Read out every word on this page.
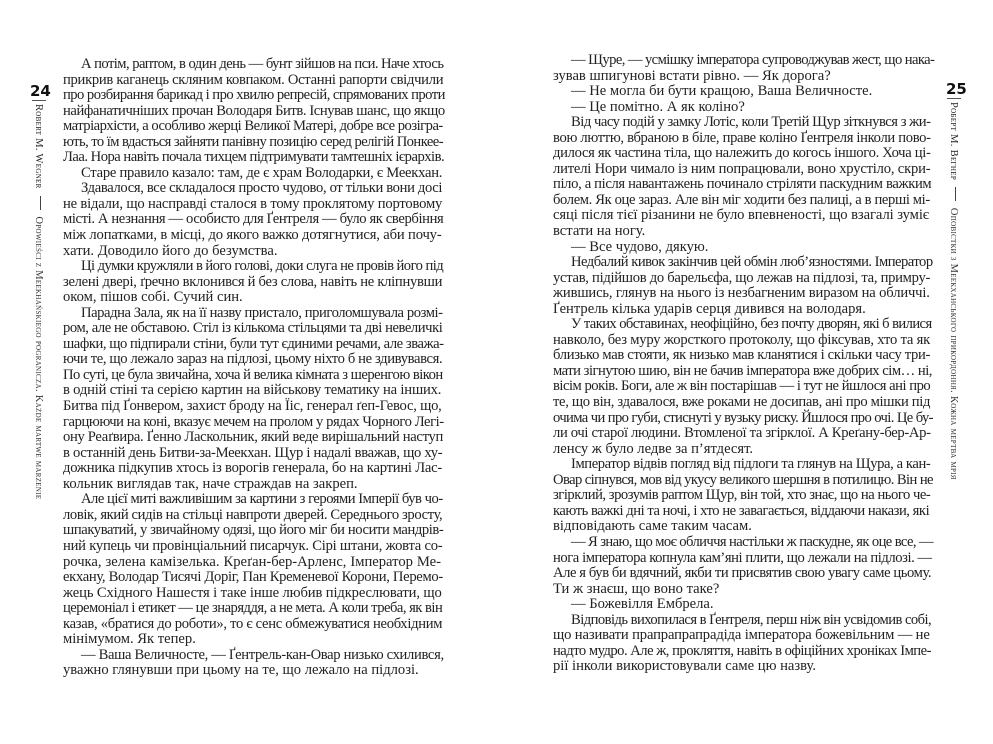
24
Robert M. Wegner  Opowieści z Meekhańskiego pogranicza. Każde martwe marzenie
А потім, раптом, в один день — бунт зійшов на пси. Наче хтось
прикрив каганець скляним ковпаком. Останні рапорти свідчили
про розбирання барикад і про хвилю репресій, спрямованих проти
найфанатичніших прочан Володаря Битв. Існував шанс, що якщо
матріархісти, а особливо жерці Великої Матері, добре все розігра-
ють, то їм вдасться зайняти панівну позицію серед релігій Понкее-
Лаа. Нора навіть почала тихцем підтримувати тамтешніх ієрархів.
Старе правило казало: там, де є храм Володарки, є Меекхан.
Здавалося, все складалося просто чудово, от тільки вони досі
не відали, що насправді сталося в тому проклятому портовому
місті. А незнання — особисто для Ґентреля — було як свербіння
між лопатками, в місці, до якого важко дотягнутися, аби почу-
хати. Доводило його до безумства.
Ці думки кружляли в його голові, доки слуга не провів його під
зелені двері, ґречно вклонився й без слова, навіть не кліпнувши
оком, пішов собі. Сучий син.
Парадна Зала, як на її назву пристало, приголомшувала розмі-
ром, але не обставою. Стіл із кількома стільцями та дві невеличкі
шафки, що підпирали стіни, були тут єдиними речами, але зважа-
ючи те, що лежало зараз на підлозі, цьому ніхто б не здивувався.
По суті, це була звичайна, хоча й велика кімната з шеренгою вікон
в одній стіні та серією картин на військову тематику на інших.
Битва під Ґонвером, захист броду на Їіс, генерал ґеп-Гевос, що,
гарцюючи на коні, вказує мечем на пролом у рядах Чорного Легі-
ону Реаґвира. Ґенно Ласкольник, який веде вирішальний наступ
в останній день Битви-за-Меекхан. Щур і надалі вважав, що ху-
дожника підкупив хтось із ворогів генерала, бо на картині Лас-
кольник виглядав так, наче страждав на закреп.
Але цієї миті важливішим за картини з героями Імперії був чо-
ловік, який сидів на стільці навпроти дверей. Середнього зросту,
шпакуватий, у звичайному одязі, що його міг би носити мандрів-
ний купець чи провінціальний писарчук. Сірі штани, жовта со-
рочка, зелена камізелька. Креґан-бер-Арленс, Імператор Ме-
екхану, Володар Тисячі Доріг, Пан Кременевої Корони, Перемо-
жець Східного Нашестя і таке інше любив підкреслювати, що
церемоніал і етикет — це знаряддя, а не мета. А коли треба, як він
казав, «братися до роботи», то є сенс обмежуватися необхідним
мінімумом. Як тепер.
— Ваша Величносте, — Ґентрель-кан-Овар низько схилився,
уважно глянувши при цьому на те, що лежало на підлозі.
25
Роберт М. Вегнер  Оповістки з Меекханського прикордоння. Кожна мертва мрія
— Щуре, — усмішку імператора супроводжував жест, що нака-
зував шпигунові встати рівно. — Як дорога?
— Не могла би бути кращою, Ваша Величносте.
— Це помітно. А як коліно?
Від часу подій у замку Лотіс, коли Третій Щур зіткнувся з жи-
вою люттю, вбраною в біле, праве коліно Ґентреля інколи пово-
дилося як частина тіла, що належить до когось іншого. Хоча ці-
лителі Нори чимало із ним попрацювали, воно хрустіло, скри-
піло, а після навантажень починало стріляти паскудним важким
болем. Як оце зараз. Але він міг ходити без палиці, а в перші мі-
сяці після тієї різанини не було впевненості, що взагалі зуміє
встати на ногу.
— Все чудово, дякую.
Недбалий кивок закінчив цей обмін люб’язностями. Імператор
устав, підійшов до барельєфа, що лежав на підлозі, та, примру-
жившись, глянув на нього із незбагненим виразом на обличчі.
Ґентрель кілька ударів серця дивився на володаря.
У таких обставинах, неофіційно, без почту дворян, які б вилися
навколо, без муру жорсткого протоколу, що фіксував, хто та як
близько мав стояти, як низько мав кланятися і скільки часу три-
мати зігнутою шию, він не бачив імператора вже добрих сім… ні,
вісім років. Боги, але ж він постарішав — і тут не йшлося ані про
те, що він, здавалося, вже роками не досипав, ані про мішки під
очима чи про губи, стиснуті у вузьку риску. Йшлося про очі. Це бу-
ли очі старої людини. Втомленої та згірклої. А Креґану-бер-Ар-
ленсу ж було ледве за п’ятдесят.
Імператор відвів погляд від підлоги та глянув на Щура, а кан-
Овар сіпнувся, мов від укусу великого шершня в потилицю. Він не
згірклий, зрозумів раптом Щур, він той, хто знає, що на нього че-
кають важкі дні та ночі, і хто не завагається, віддаючи накази, які
відповідають саме таким часам.
— Я знаю, що моє обличчя настільки ж паскудне, як оце все, —
нога імператора копнула кам’яні плити, що лежали на підлозі. —
Але я був би вдячний, якби ти присвятив свою увагу саме цьому.
Ти ж знаєш, що воно таке?
— Божевілля Ембрела.
Відповідь вихопилася в Ґентреля, перш ніж він усвідомив собі,
що називати прапрапрапрадіда імператора божевільним — не
надто мудро. Але ж, прокляття, навіть в офіційних хроніках Імпе-
рії інколи використовували саме цю назву.
